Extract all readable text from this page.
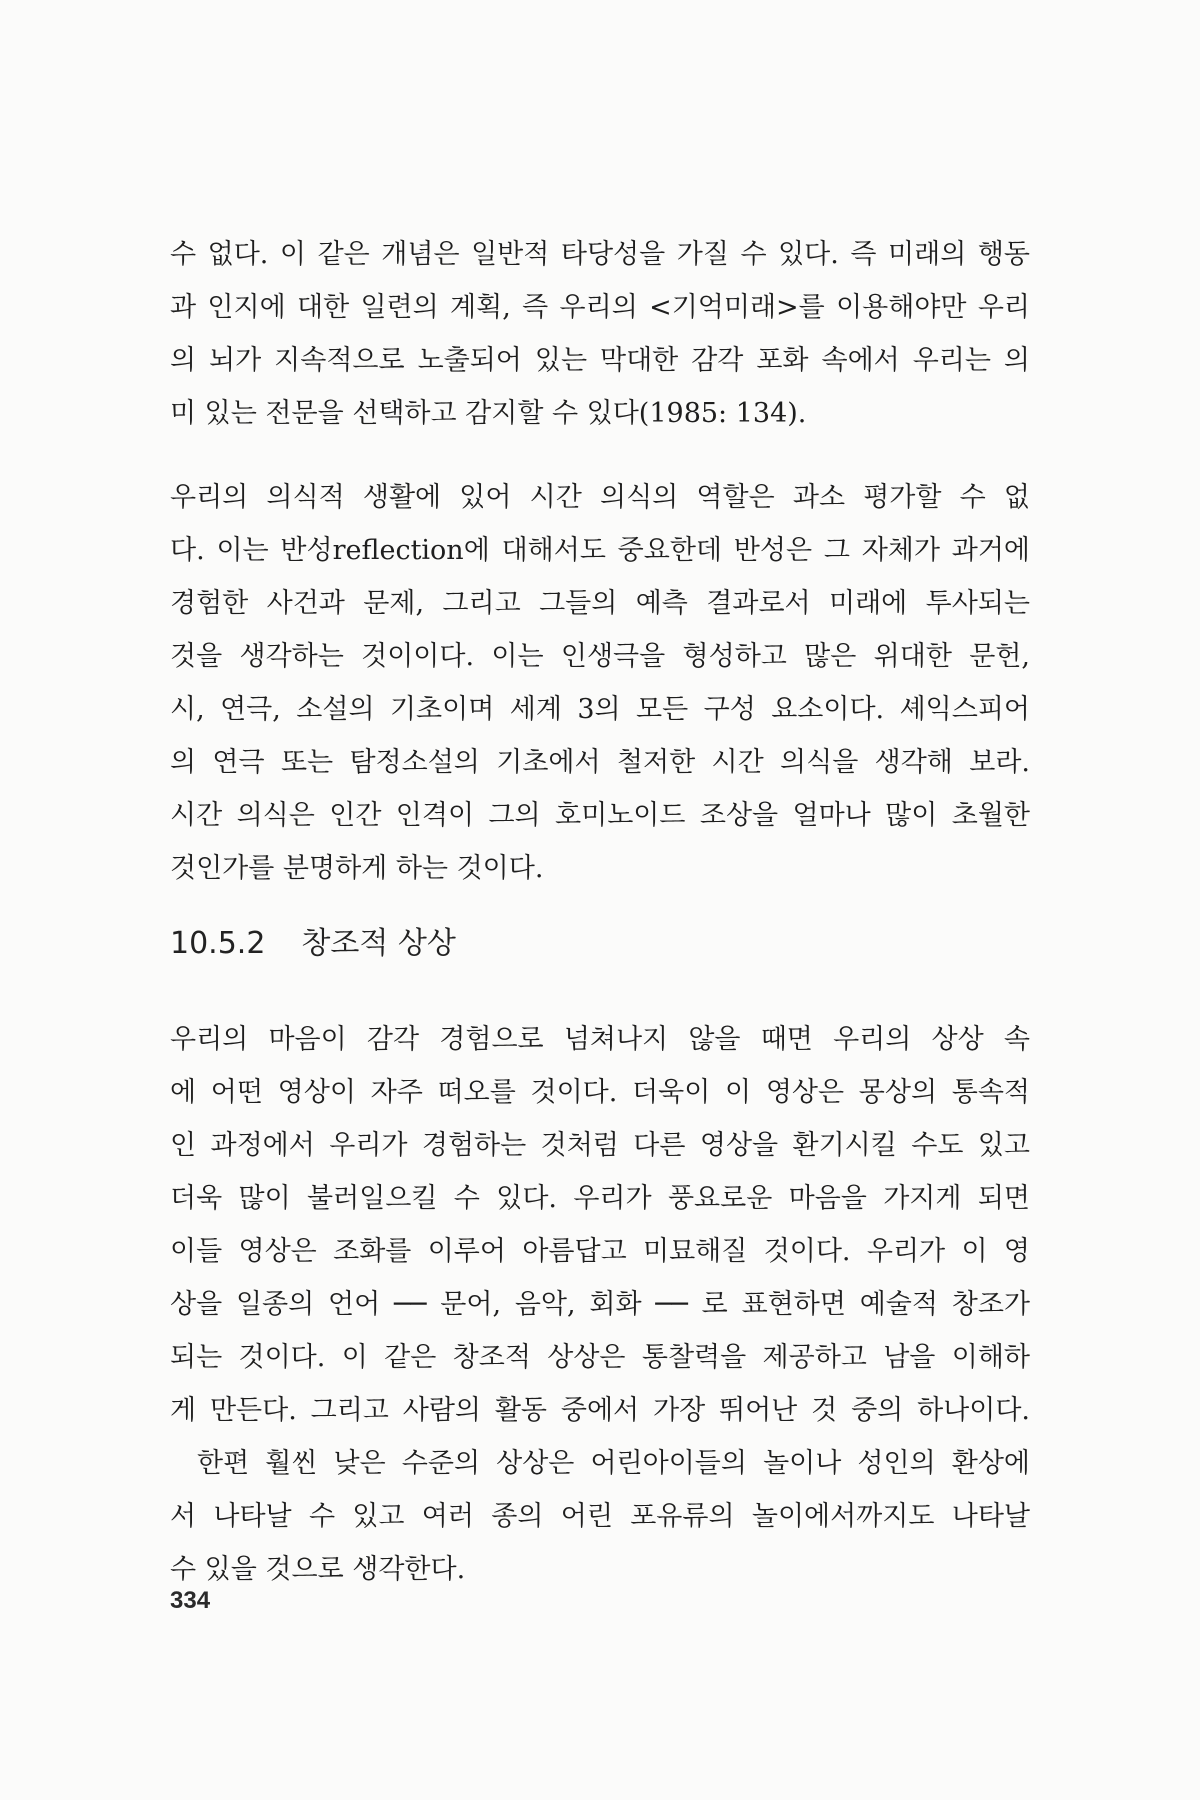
수 없다. 이 같은 개념은 일반적 타당성을 가질 수 있다. 즉 미래의 행동
과 인지에 대한 일련의 계획, 즉 우리의 <기억미래>를 이용해야만 우리
의 뇌가 지속적으로 노출되어 있는 막대한 감각 포화 속에서 우리는 의
미 있는 전문을 선택하고 감지할 수 있다(1985: 134).
우리의 의식적 생활에 있어 시간 의식의 역할은 과소 평가할 수 없
다. 이는 반성reflection에 대해서도 중요한데 반성은 그 자체가 과거에
경험한 사건과 문제, 그리고 그들의 예측 결과로서 미래에 투사되는
것을 생각하는 것이이다. 이는 인생극을 형성하고 많은 위대한 문헌,
시, 연극, 소설의 기초이며 세계 3의 모든 구성 요소이다. 셰익스피어
의 연극 또는 탐정소설의 기초에서 철저한 시간 의식을 생각해 보라.
시간 의식은 인간 인격이 그의 호미노이드 조상을 얼마나 많이 초월한
것인가를 분명하게 하는 것이다.
10.5.2 창조적 상상
우리의 마음이 감각 경험으로 넘쳐나지 않을 때면 우리의 상상 속
에 어떤 영상이 자주 떠오를 것이다. 더욱이 이 영상은 몽상의 통속적
인 과정에서 우리가 경험하는 것처럼 다른 영상을 환기시킬 수도 있고
더욱 많이 불러일으킬 수 있다. 우리가 풍요로운 마음을 가지게 되면
이들 영상은 조화를 이루어 아름답고 미묘해질 것이다. 우리가 이 영
상을 일종의 언어 ── 문어, 음악, 회화 ── 로 표현하면 예술적 창조가
되는 것이다. 이 같은 창조적 상상은 통찰력을 제공하고 남을 이해하
게 만든다. 그리고 사람의 활동 중에서 가장 뛰어난 것 중의 하나이다.
한편 훨씬 낮은 수준의 상상은 어린아이들의 놀이나 성인의 환상에
서 나타날 수 있고 여러 종의 어린 포유류의 놀이에서까지도 나타날
수 있을 것으로 생각한다.
334
